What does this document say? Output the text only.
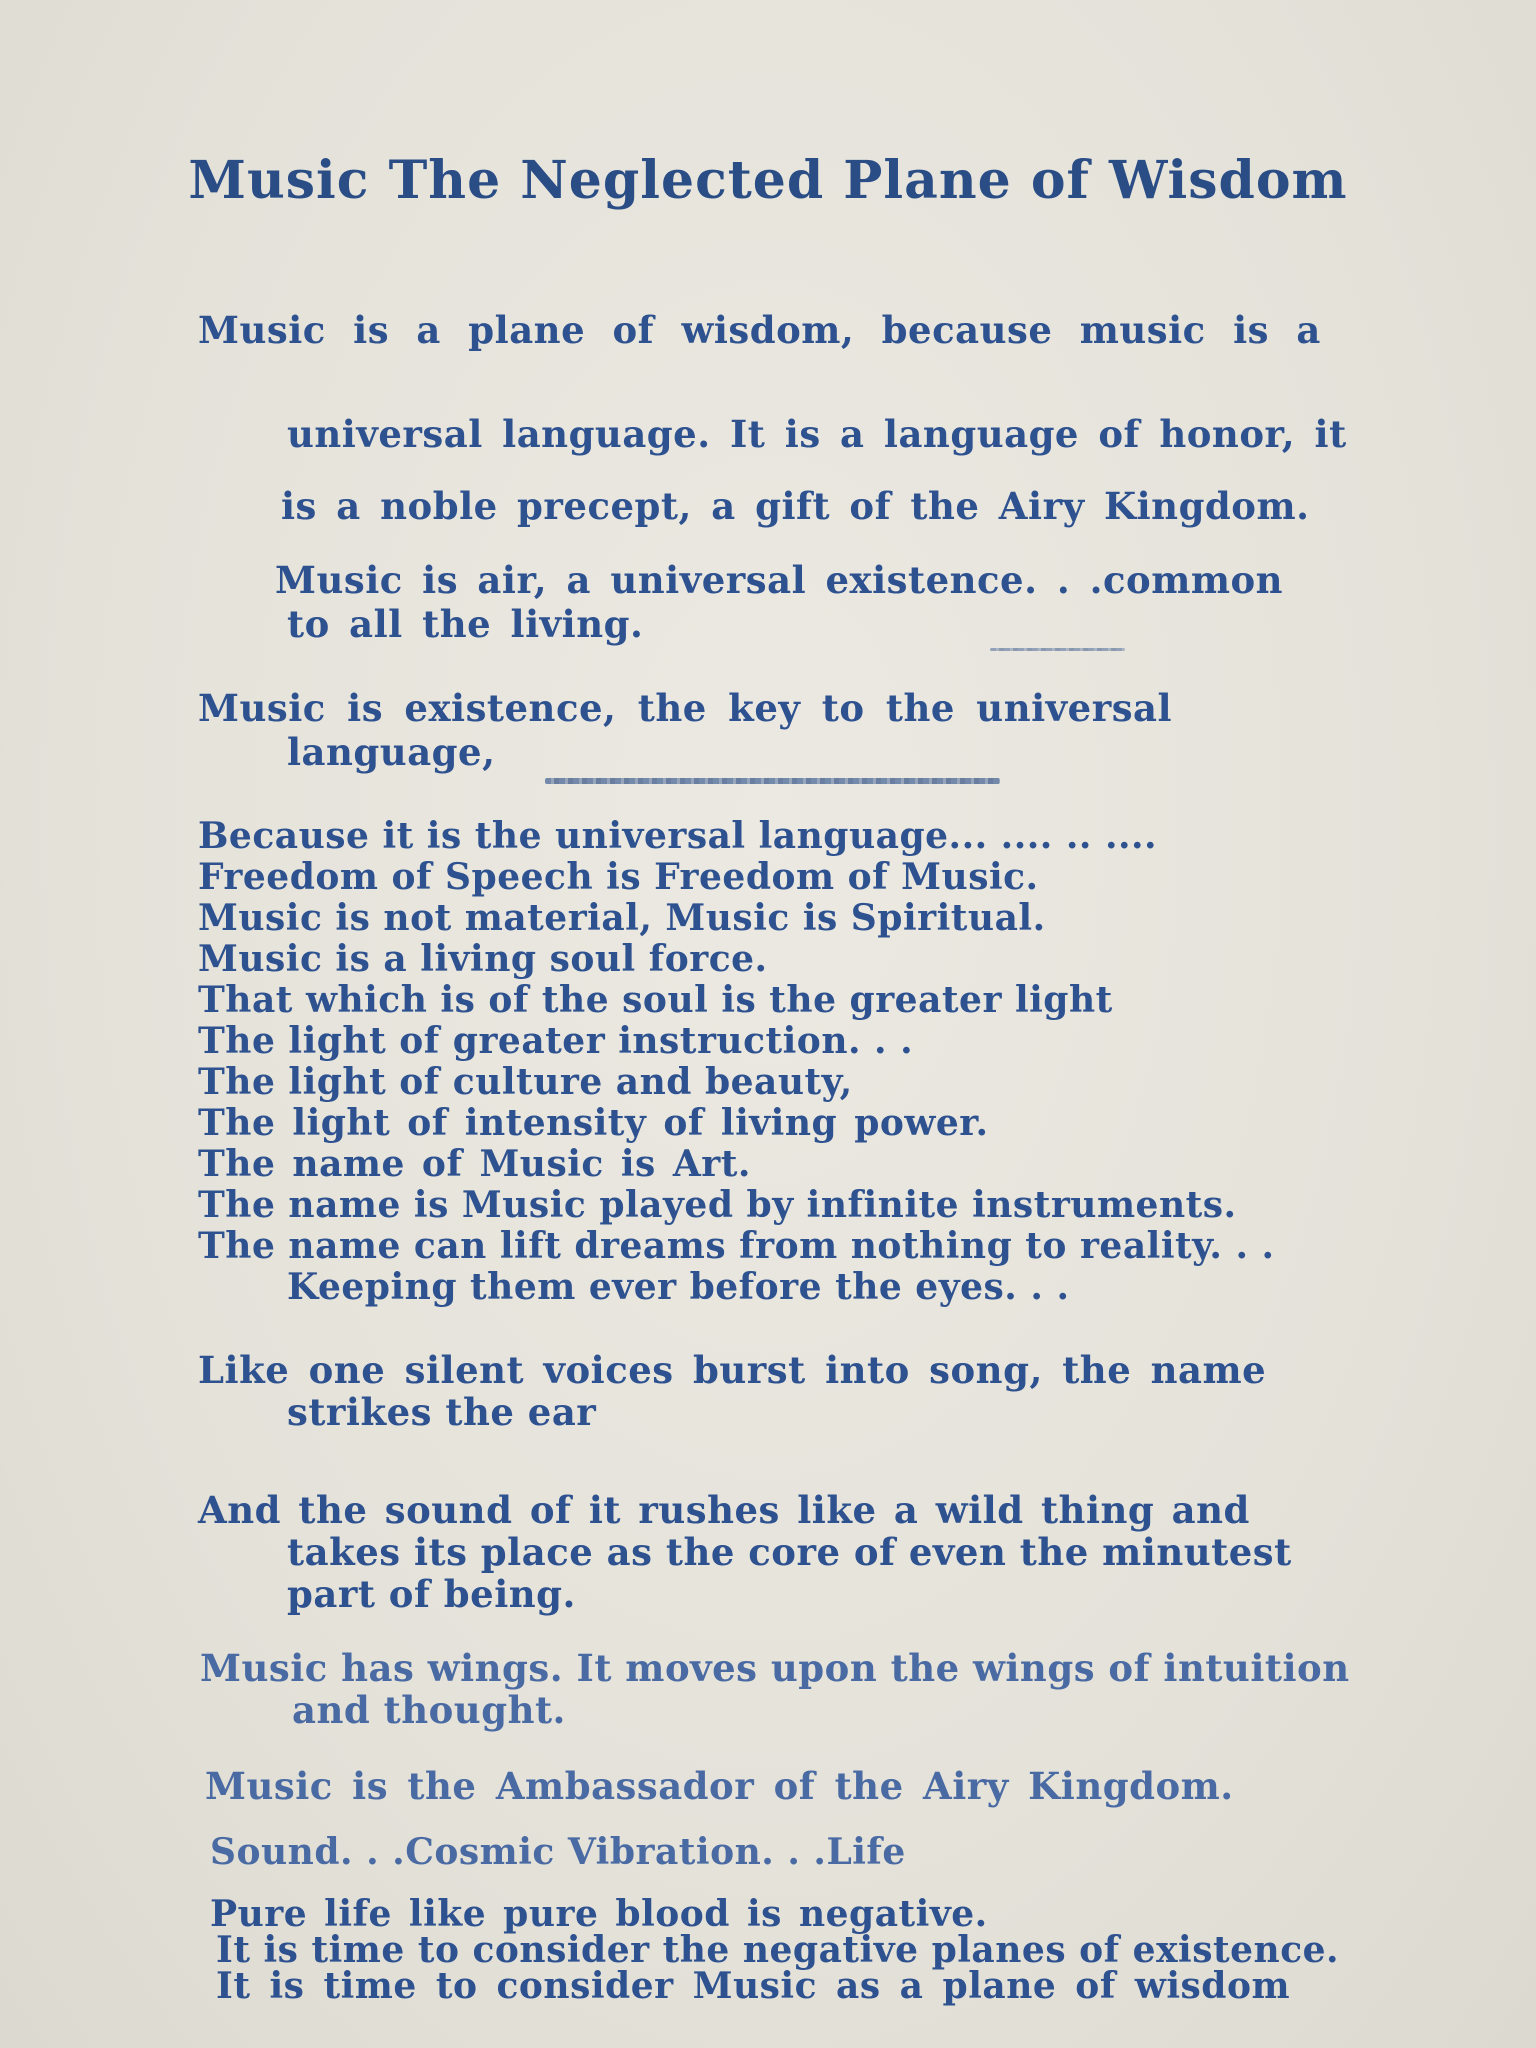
Music The Neglected Plane of Wisdom
Music is a plane of wisdom, because music is a
universal language. It is a language of honor, it
is a noble precept, a gift of the Airy Kingdom.
Music is air, a universal existence. . .common
to all the living.
Music is existence, the key to the universal
language,
Because it is the universal language... .... .. ....
Freedom of Speech is Freedom of Music.
Music is not material, Music is Spiritual.
Music is a living soul force.
That which is of the soul is the greater light
The light of greater instruction. . .
The light of culture and beauty,
The light of intensity of living power.
The name of Music is Art.
The name is Music played by infinite instruments.
The name can lift dreams from nothing to reality. . .
Keeping them ever before the eyes. . .
Like one silent voices burst into song, the name
strikes the ear
And the sound of it rushes like a wild thing and
takes its place as the core of even the minutest
part of being.
Music has wings. It moves upon the wings of intuition
and thought.
Music is the Ambassador of the Airy Kingdom.
Sound. . .Cosmic Vibration. . .Life
Pure life like pure blood is negative.
It is time to consider the negative planes of existence.
It is time to consider Music as a plane of wisdom
